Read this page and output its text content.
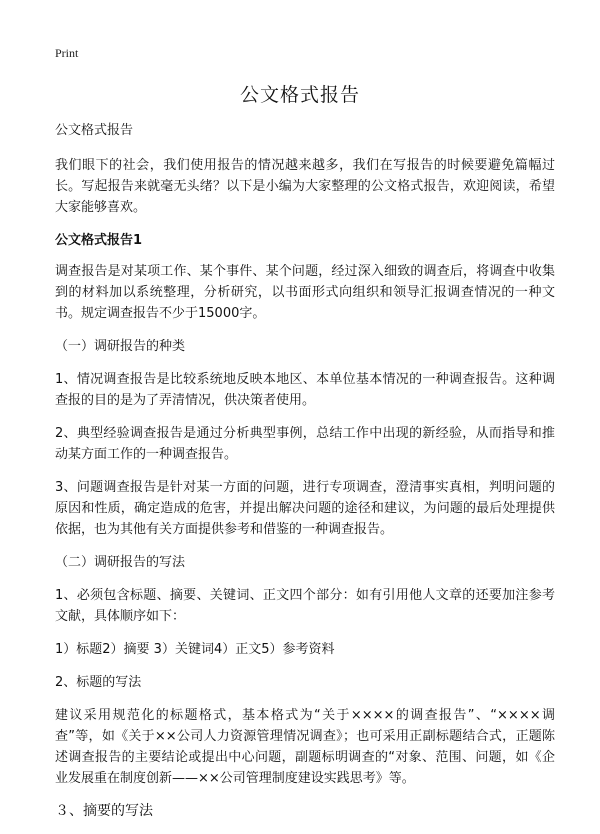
Print
公文格式报告

公文格式报告

我们眼下的社会，我们使用报告的情况越来越多，我们在写报告的时候要避免篇幅过长。写起报告来就毫无头绪？以下是小编为大家整理的公文格式报告，欢迎阅读，希望大家能够喜欢。

公文格式报告1

调查报告是对某项工作、某个事件、某个问题，经过深入细致的调查后，将调查中收集到的材料加以系统整理，分析研究，以书面形式向组织和领导汇报调查情况的一种文书。规定调查报告不少于15000字。

（一）调研报告的种类

1、情况调查报告是比较系统地反映本地区、本单位基本情况的一种调查报告。这种调查报的目的是为了弄清情况，供决策者使用。

2、典型经验调查报告是通过分析典型事例，总结工作中出现的新经验，从而指导和推动某方面工作的一种调查报告。

3、问题调查报告是针对某一方面的问题，进行专项调查，澄清事实真相，判明问题的原因和性质，确定造成的危害，并提出解决问题的途径和建议，为问题的最后处理提供依据，也为其他有关方面提供参考和借鉴的一种调查报告。

（二）调研报告的写法

1、必须包含标题、摘要、关键词、正文四个部分：如有引用他人文章的还要加注参考文献，具体顺序如下：

1）标题2）摘要 3）关键词4）正文5）参考资料

2、标题的写法

建议采用规范化的标题格式，基本格式为“关于××××的调查报告”、“××××调查”等，如《关于××公司人力资源管理情况调查》；也可采用正副标题结合式，正题陈述调查报告的主要结论或提出中心问题，副题标明调查的“对象、范围、问题，如《企业发展重在制度创新——××公司管理制度建设实践思考》等。

３、摘要的写法
